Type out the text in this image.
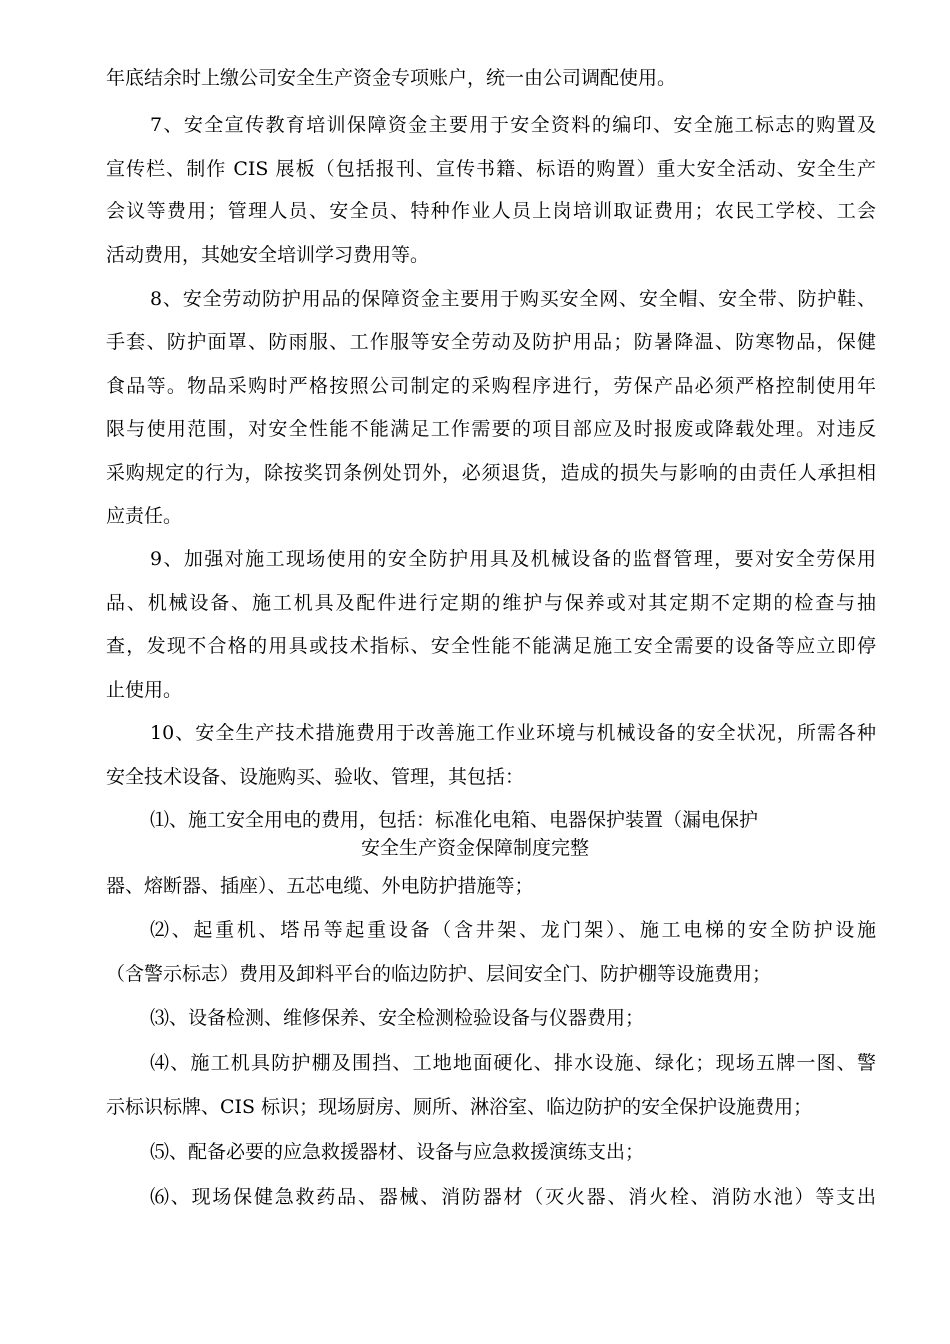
年底结余时上缴公司安全生产资金专项账户，统一由公司调配使用。
7、安全宣传教育培训保障资金主要用于安全资料的编印、安全施工标志的购置及
宣传栏、制作 CIS 展板（包括报刊、宣传书籍、标语的购置）重大安全活动、安全生产
会议等费用；管理人员、安全员、特种作业人员上岗培训取证费用；农民工学校、工会
活动费用，其她安全培训学习费用等。
8、安全劳动防护用品的保障资金主要用于购买安全网、安全帽、安全带、防护鞋、
手套、防护面罩、防雨服、工作服等安全劳动及防护用品；防暑降温、防寒物品，保健
食品等。物品采购时严格按照公司制定的采购程序进行，劳保产品必须严格控制使用年
限与使用范围，对安全性能不能满足工作需要的项目部应及时报废或降载处理。对违反
采购规定的行为，除按奖罚条例处罚外，必须退货，造成的损失与影响的由责任人承担相
应责任。
9、加强对施工现场使用的安全防护用具及机械设备的监督管理，要对安全劳保用
品、机械设备、施工机具及配件进行定期的维护与保养或对其定期不定期的检查与抽
查，发现不合格的用具或技术指标、安全性能不能满足施工安全需要的设备等应立即停
止使用。
10、安全生产技术措施费用于改善施工作业环境与机械设备的安全状况，所需各种
安全技术设备、设施购买、验收、管理，其包括：
⑴、施工安全用电的费用，包括：标准化电箱、电器保护装置（漏电保护
安全生产资金保障制度完整
器、熔断器、插座）、五芯电缆、外电防护措施等；
⑵、起重机、塔吊等起重设备（含井架、龙门架）、施工电梯的安全防护设施
（含警示标志）费用及卸料平台的临边防护、层间安全门、防护棚等设施费用；
⑶、设备检测、维修保养、安全检测检验设备与仪器费用；
⑷、施工机具防护棚及围挡、工地地面硬化、排水设施、绿化；现场五牌一图、警
示标识标牌、CIS 标识；现场厨房、厕所、淋浴室、临边防护的安全保护设施费用；
⑸、配备必要的应急救援器材、设备与应急救援演练支出；
⑹、现场保健急救药品、器械、消防器材（灭火器、消火栓、消防水池）等支出
